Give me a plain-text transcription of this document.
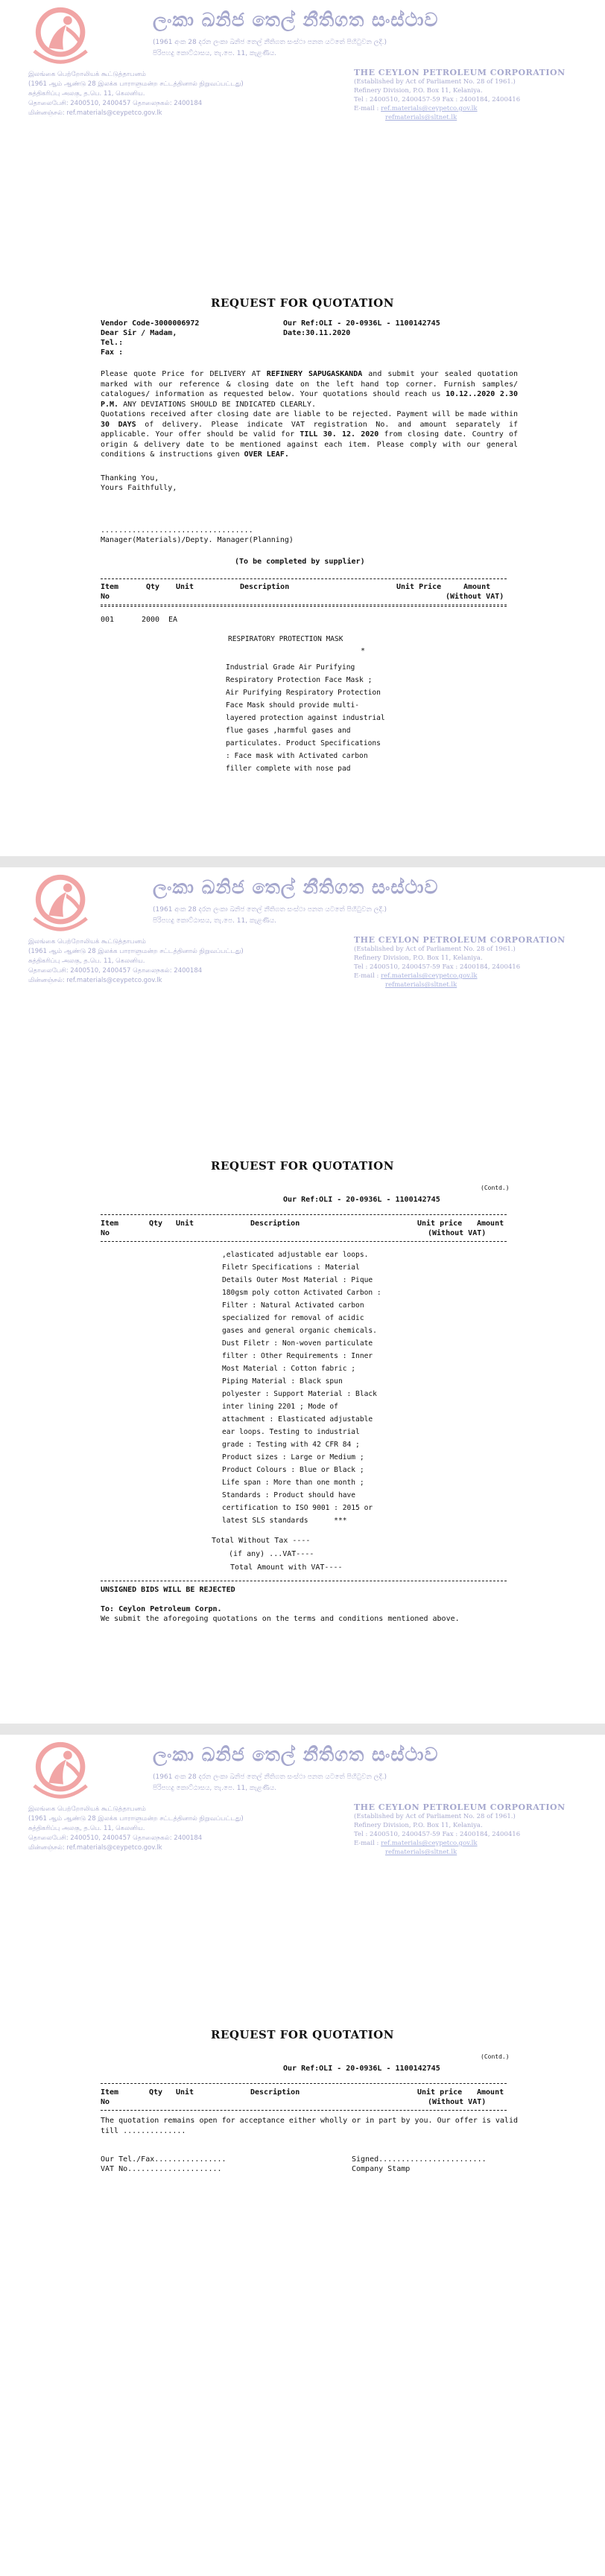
ලංකා ඛනිජ තෙල් නීතිගත සංස්ථාව
(1961 අංක 28 දරන ලංකා ඛනිජ තෙල් නීතිගත සංස්ථා පනත යටතේ පිහිටුවන ලදී.)
පිරිපහදු කොට්ඨාසය, තැ.පෙ. 11, කැළණිය.
இலங்கை பெற்றோலியக் கூட்டுத்தாபனம்
(1961 ஆம் ஆண்டு 28 இலக்க பாராளுமன்ற சட்டத்தினால் நிறுவப்பட்டது)
சுத்திகரிப்பு அலகு, த.பெ. 11, கெலனிய.
தொலைபேசி: 2400510, 2400457 தொலைநகல்: 2400184
மின்னஞ்சல்: ref.materials@ceypetco.gov.lk
THE CEYLON PETROLEUM CORPORATION
(Established by Act of Parliament No. 28 of 1961.)
Refinery Division, P.O. Box 11, Kelaniya.
Tel : 2400510, 2400457-59 Fax : 2400184, 2400416
E-mail : ref.materials@ceypetco.gov.lk
refmaterials@sltnet.lk
REQUEST FOR QUOTATION
Vendor Code-3000006972	Our Ref:OLI - 20-0936L - 1100142745
Dear Sir / Madam,	Date:30.11.2020
Tel.:
Fax :
Please quote Price for DELIVERY AT REFINERY SAPUGASKANDA and submit your sealed quotation marked with our reference & closing date on the left hand top corner. Furnish samples/ catalogues/ information as requested below. Your quotations should reach us 10.12..2020 2.30 P.M. ANY DEVIATIONS SHOULD BE INDICATED CLEARLY.
Quotations received after closing date are liable to be rejected. Payment will be made within 30 DAYS of delivery. Please indicate VAT registration No. and amount separately if applicable. Your offer should be valid for TILL 30. 12. 2020 from closing date. Country of origin & delivery date to be mentioned against each item. Please comply with our general conditions & instructions given OVER LEAF.
Thanking You,
Yours Faithfully,
..................................
Manager(Materials)/Depty. Manager(Planning)
(To be completed by supplier)
Item
No
Qty Unit	Description	Unit Price	Amount
(Without VAT)
001	2000 EA
RESPIRATORY PROTECTION MASK
*
Industrial Grade Air Purifying
Respiratory Protection Face Mask ;
Air Purifying Respiratory Protection
Face Mask should provide multi-
layered protection against industrial
flue gases ,harmful gases and
particulates. Product Specifications
: Face mask with Activated carbon
filler complete with nose pad
ලංකා ඛනිජ තෙල් නීතිගත සංස්ථාව
(1961 අංක 28 දරන ලංකා ඛනිජ තෙල් නීතිගත සංස්ථා පනත යටතේ පිහිටුවන ලදී.)
පිරිපහදු කොට්ඨාසය, තැ.පෙ. 11, කැළණිය.
இலங்கை பெற்றோலியக் கூட்டுத்தாபனம்
(1961 ஆம் ஆண்டு 28 இலக்க பாராளுமன்ற சட்டத்தினால் நிறுவப்பட்டது)
சுத்திகரிப்பு அலகு, த.பெ. 11, கெலனிய.
தொலைபேசி: 2400510, 2400457 தொலைநகல்: 2400184
மின்னஞ்சல்: ref.materials@ceypetco.gov.lk
THE CEYLON PETROLEUM CORPORATION
(Established by Act of Parliament No. 28 of 1961.)
Refinery Division, P.O. Box 11, Kelaniya.
Tel : 2400510, 2400457-59 Fax : 2400184, 2400416
E-mail : ref.materials@ceypetco.gov.lk
refmaterials@sltnet.lk
REQUEST FOR QUOTATION
(Contd.)
Our Ref:OLI - 20-0936L - 1100142745
Item
No
Qty Unit	Description	Unit price Amount
(Without VAT)
,elasticated adjustable ear loops.
Filetr Specifications : Material
Details Outer Most Material : Pique
180gsm poly cotton Activated Carbon :
Filter : Natural Activated carbon
specialized for removal of acidic
gases and general organic chemicals.
Dust Filetr : Non-woven particulate
filter : Other Requirements : Inner
Most Material : Cotton fabric ;
Piping Material : Black spun
polyester : Support Material : Black
inter lining 2201 ; Mode of
attachment : Elasticated adjustable
ear loops. Testing to industrial
grade : Testing with 42 CFR 84 ;
Product sizes : Large or Medium ;
Product Colours : Blue or Black ;
Life span : More than one month ;
Standards : Product should have
certification to ISO 9001 : 2015 or
latest SLS standards      ***
Total Without Tax ----
(if any) ...VAT----
Total Amount with VAT----
UNSIGNED BIDS WILL BE REJECTED
To: Ceylon Petroleum Corpn.
We submit the aforegoing quotations on the terms and conditions mentioned above.
ලංකා ඛනිජ තෙල් නීතිගත සංස්ථාව
(1961 අංක 28 දරන ලංකා ඛනිජ තෙල් නීතිගත සංස්ථා පනත යටතේ පිහිටුවන ලදී.)
පිරිපහදු කොට්ඨාසය, තැ.පෙ. 11, කැළණිය.
இலங்கை பெற்றோலியக் கூட்டுத்தாபனம்
(1961 ஆம் ஆண்டு 28 இலக்க பாராளுமன்ற சட்டத்தினால் நிறுவப்பட்டது)
சுத்திகரிப்பு அலகு, த.பெ. 11, கெலனிய.
தொலைபேசி: 2400510, 2400457 தொலைநகல்: 2400184
மின்னஞ்சல்: ref.materials@ceypetco.gov.lk
THE CEYLON PETROLEUM CORPORATION
(Established by Act of Parliament No. 28 of 1961.)
Refinery Division, P.O. Box 11, Kelaniya.
Tel : 2400510, 2400457-59 Fax : 2400184, 2400416
E-mail : ref.materials@ceypetco.gov.lk
refmaterials@sltnet.lk
REQUEST FOR QUOTATION
(Contd.)
Our Ref:OLI - 20-0936L - 1100142745
Item
No
Qty Unit	Description	Unit price Amount
(Without VAT)
The quotation remains open for acceptance either wholly or in part by you. Our offer is valid till ..............
Our Tel./Fax................
VAT No.....................
Signed........................
Company Stamp
